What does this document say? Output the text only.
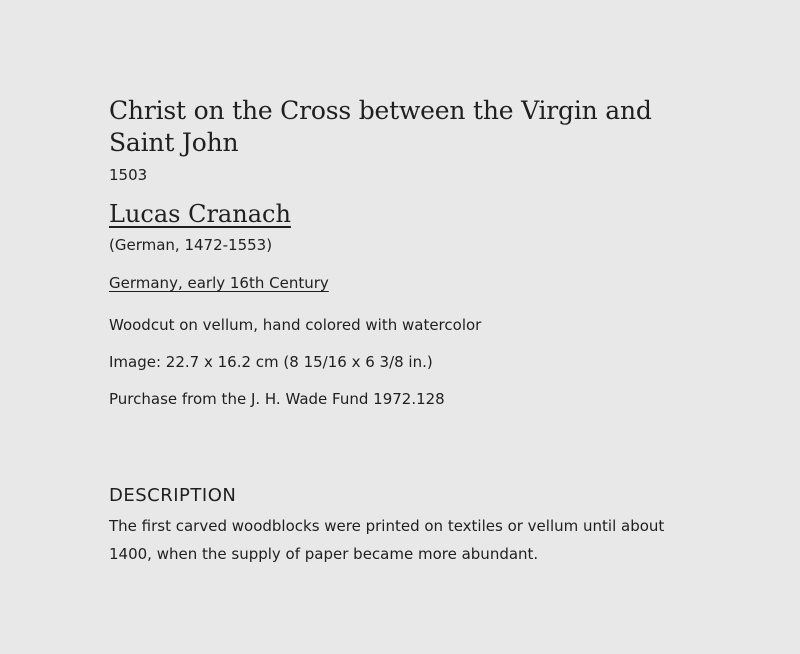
Christ on the Cross between the Virgin and Saint John
1503
Lucas Cranach
(German, 1472-1553)
Germany, early 16th Century
Woodcut on vellum, hand colored with watercolor
Image: 22.7 x 16.2 cm (8 15/16 x 6 3/8 in.)
Purchase from the J. H. Wade Fund 1972.128
DESCRIPTION
The first carved woodblocks were printed on textiles or vellum until about 1400, when the supply of paper became more abundant.
